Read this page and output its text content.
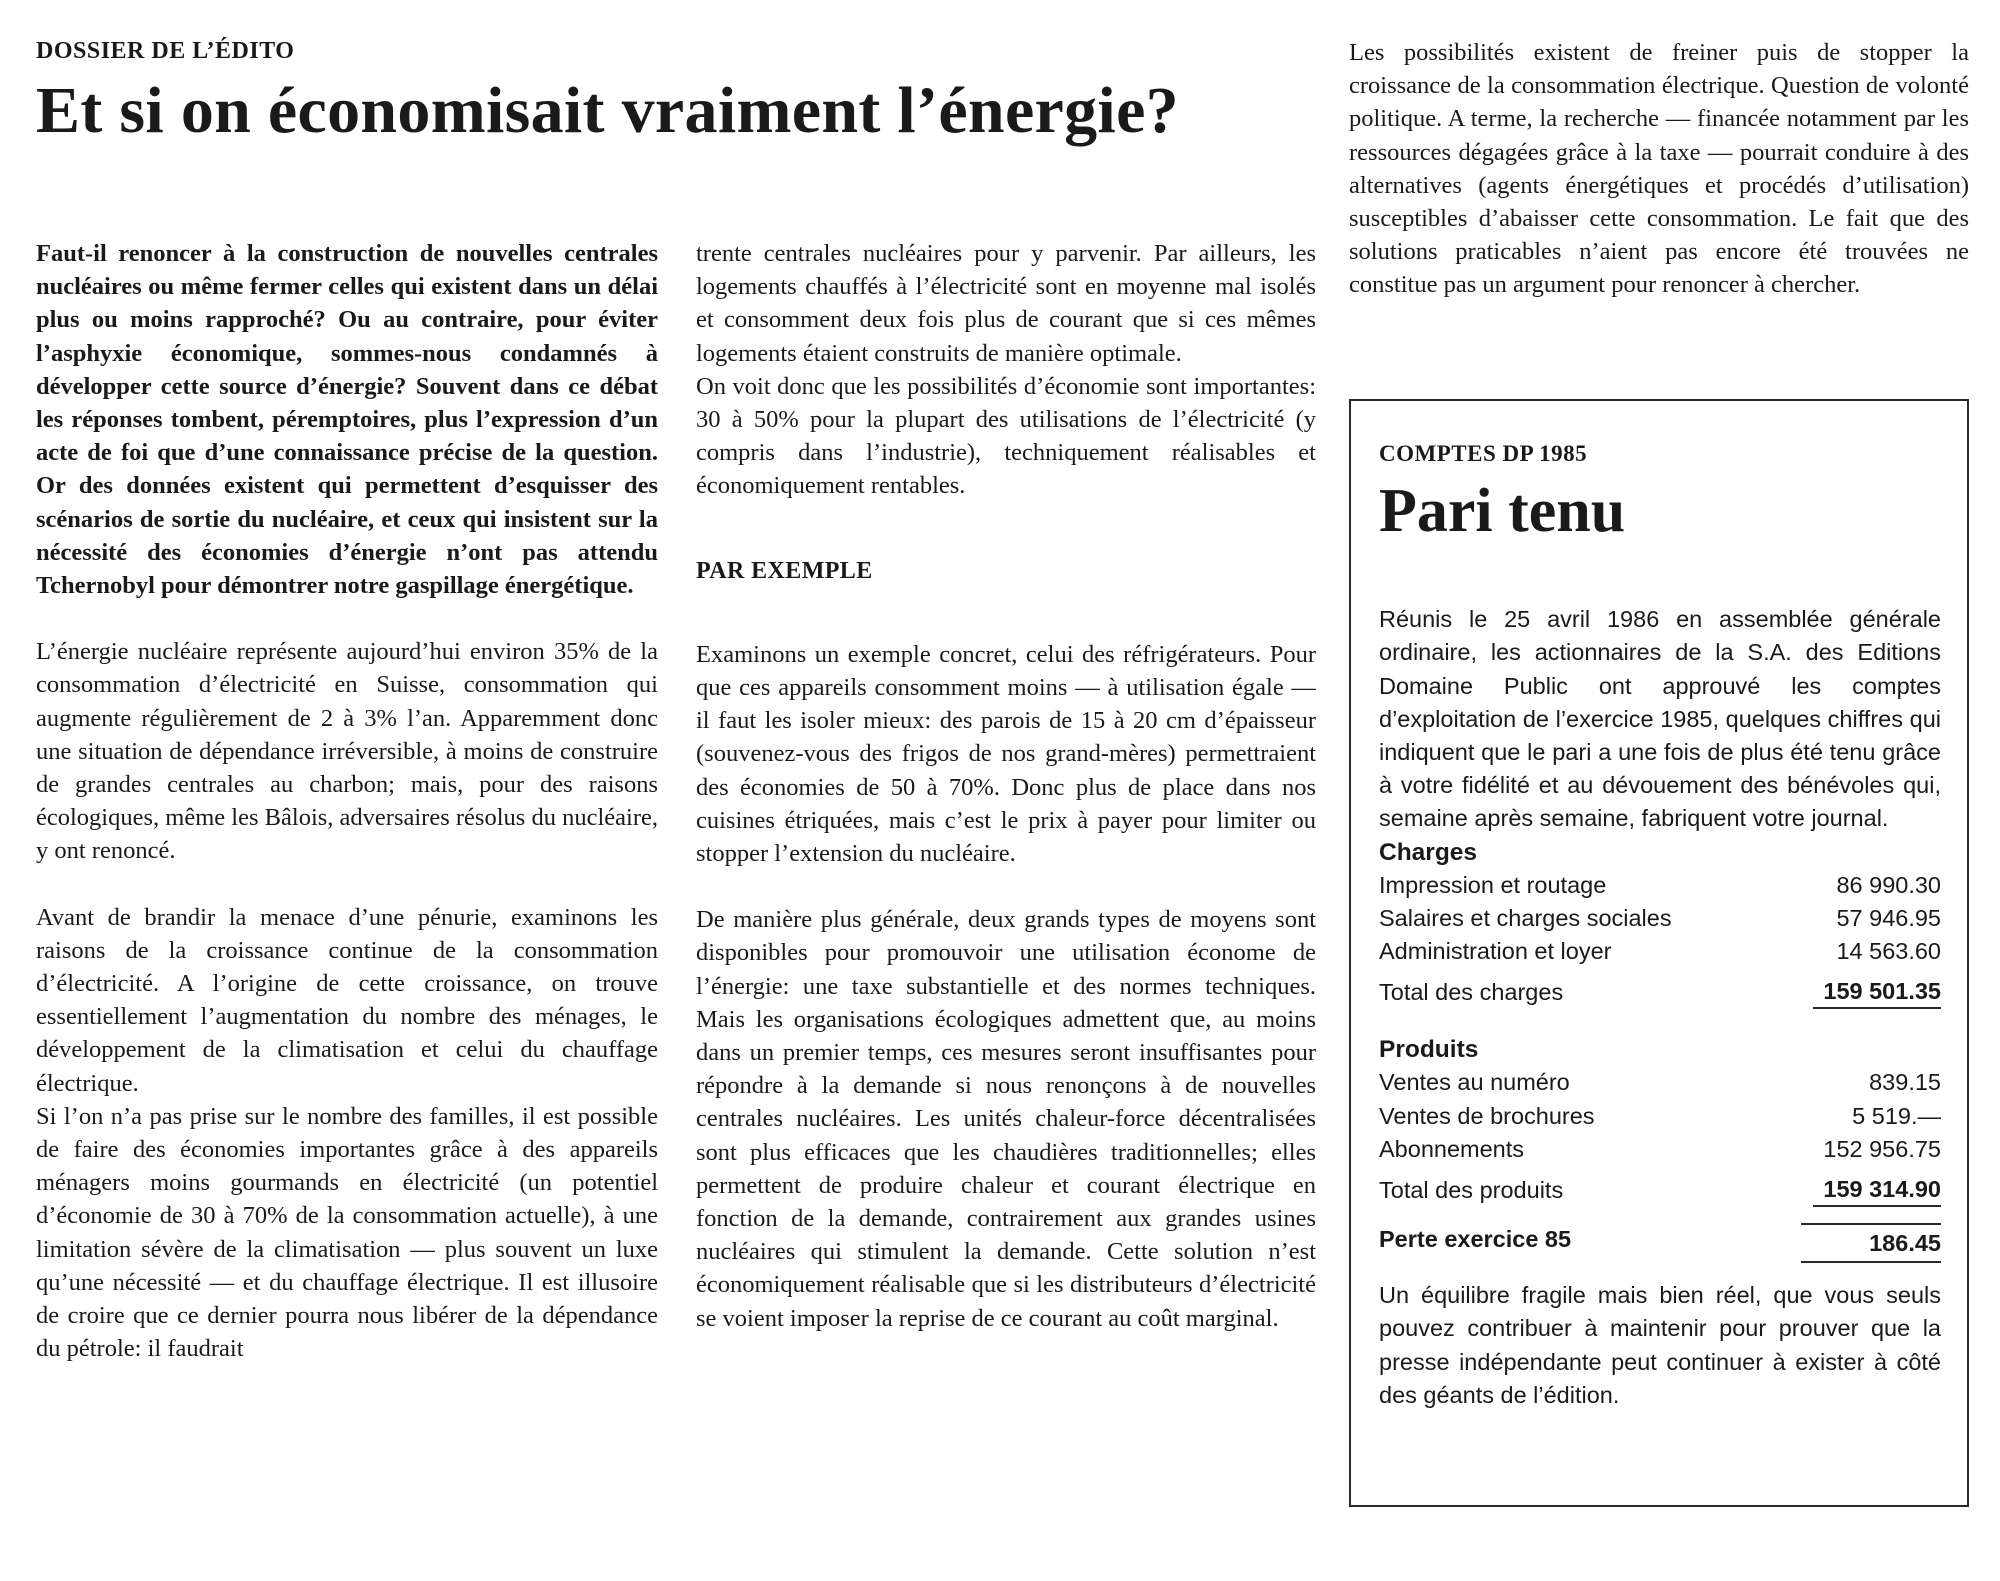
DOSSIER DE L’ÉDITO
Et si on économisait vraiment l’énergie?

Faut-il renoncer à la construction de nouvelles centrales nucléaires ou même fermer celles qui existent dans un délai plus ou moins rapproché? Ou au contraire, pour éviter l’asphyxie économique, sommes-nous condamnés à développer cette source d’énergie? Souvent dans ce débat les réponses tombent, péremptoires, plus l’expression d’un acte de foi que d’une connaissance précise de la question. Or des données existent qui permettent d’esquisser des scénarios de sortie du nucléaire, et ceux qui insistent sur la nécessité des économies d’énergie n’ont pas attendu Tchernobyl pour démontrer notre gaspillage énergétique.

L’énergie nucléaire représente aujourd’hui environ 35% de la consommation d’électricité en Suisse, consommation qui augmente régulièrement de 2 à 3% l’an. Apparemment donc une situation de dépendance irréversible, à moins de construire de grandes centrales au charbon; mais, pour des raisons écologiques, même les Bâlois, adversaires résolus du nucléaire, y ont renoncé.

Avant de brandir la menace d’une pénurie, examinons les raisons de la croissance continue de la consommation d’électricité. A l’origine de cette croissance, on trouve essentiellement l’augmentation du nombre des ménages, le développement de la climatisation et celui du chauffage électrique.

Si l’on n’a pas prise sur le nombre des familles, il est possible de faire des économies importantes grâce à des appareils ménagers moins gourmands en électricité (un potentiel d’économie de 30 à 70% de la consommation actuelle), à une limitation sévère de la climatisation — plus souvent un luxe qu’une nécessité — et du chauffage électrique. Il est illusoire de croire que ce dernier pourra nous libérer de la dépendance du pétrole: il faudrait

trente centrales nucléaires pour y parvenir. Par ailleurs, les logements chauffés à l’électricité sont en moyenne mal isolés et consomment deux fois plus de courant que si ces mêmes logements étaient construits de manière optimale.

On voit donc que les possibilités d’économie sont importantes: 30 à 50% pour la plupart des utilisations de l’électricité (y compris dans l’industrie), techniquement réalisables et économiquement rentables.

PAR EXEMPLE

Examinons un exemple concret, celui des réfrigérateurs. Pour que ces appareils consomment moins — à utilisation égale — il faut les isoler mieux: des parois de 15 à 20 cm d’épaisseur (souvenez-vous des frigos de nos grand-mères) permettraient des économies de 50 à 70%. Donc plus de place dans nos cuisines étriquées, mais c’est le prix à payer pour limiter ou stopper l’extension du nucléaire.

De manière plus générale, deux grands types de moyens sont disponibles pour promouvoir une utilisation économe de l’énergie: une taxe substantielle et des normes techniques. Mais les organisations écologiques admettent que, au moins dans un premier temps, ces mesures seront insuffisantes pour répondre à la demande si nous renonçons à de nouvelles centrales nucléaires. Les unités chaleur-force décentralisées sont plus efficaces que les chaudières traditionnelles; elles permettent de produire chaleur et courant électrique en fonction de la demande, contrairement aux grandes usines nucléaires qui stimulent la demande. Cette solution n’est économiquement réalisable que si les distributeurs d’électricité se voient imposer la reprise de ce courant au coût marginal.

Les possibilités existent de freiner puis de stopper la croissance de la consommation électrique. Question de volonté politique. A terme, la recherche — financée notamment par les ressources dégagées grâce à la taxe — pourrait conduire à des alternatives (agents énergétiques et procédés d’utilisation) susceptibles d’abaisser cette consommation. Le fait que des solutions praticables n’aient pas encore été trouvées ne constitue pas un argument pour renoncer à chercher.

COMPTES DP 1985
Pari tenu

Réunis le 25 avril 1986 en assemblée générale ordinaire, les actionnaires de la S.A. des Editions Domaine Public ont approuvé les comptes d’exploitation de l’exercice 1985, quelques chiffres qui indiquent que le pari a une fois de plus été tenu grâce à votre fidélité et au dévouement des bénévoles qui, semaine après semaine, fabriquent votre journal.

Charges
Impression et routage	86 990.30
Salaires et charges sociales	57 946.95
Administration et loyer	14 563.60
Total des charges	159 501.35
Produits
Ventes au numéro	839.15
Ventes de brochures	5 519.—
Abonnements	152 956.75
Total des produits	159 314.90
Perte exercice 85	186.45

Un équilibre fragile mais bien réel, que vous seuls pouvez contribuer à maintenir pour prouver que la presse indépendante peut continuer à exister à côté des géants de l’édition.
